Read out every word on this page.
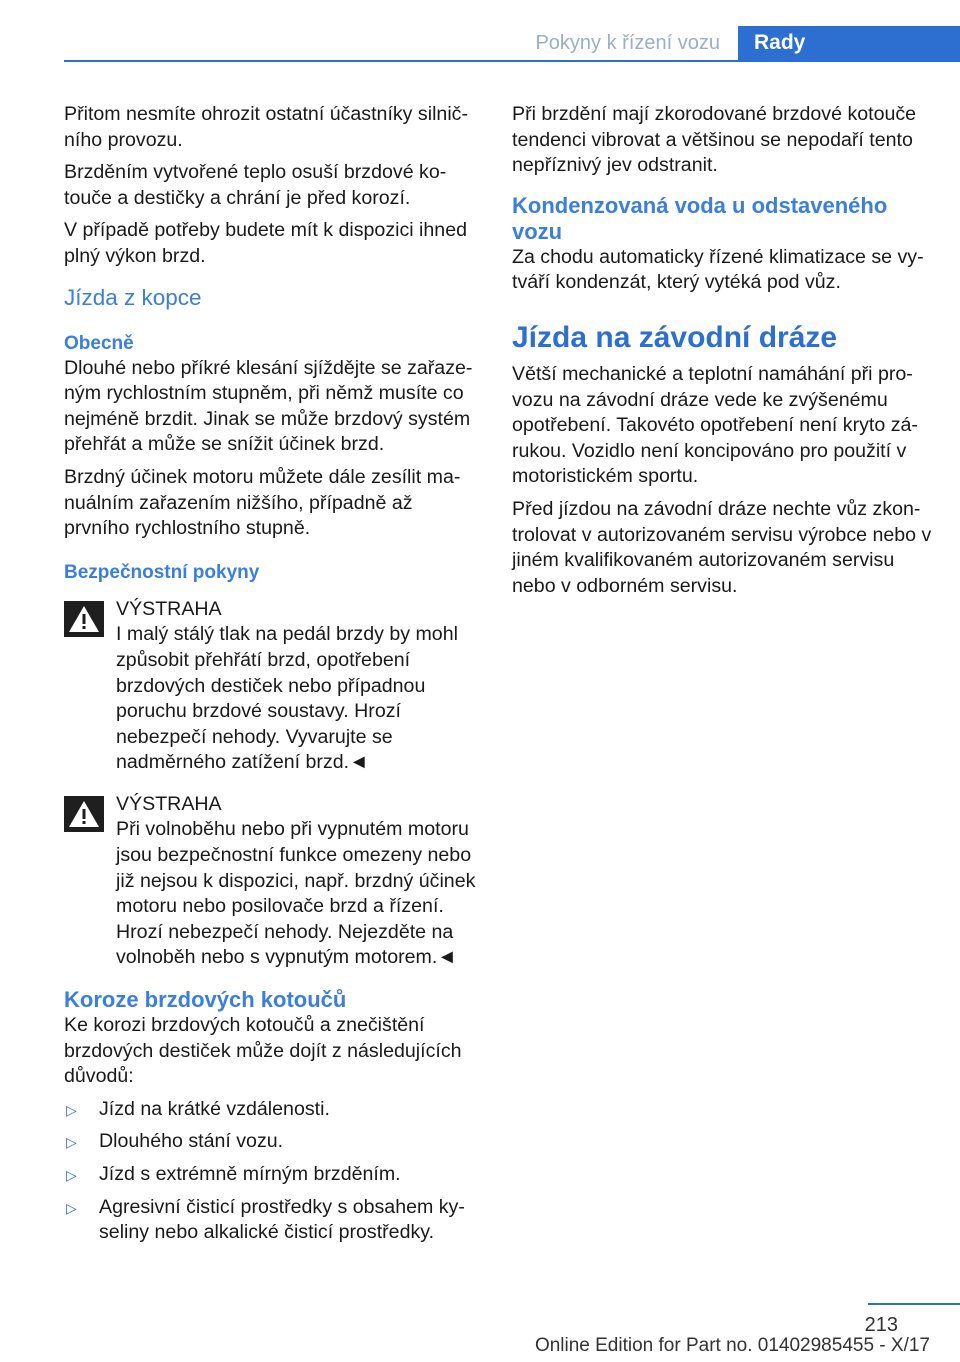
Pokyny k řízení vozu	Rady

Přitom nesmíte ohrozit ostatní účastníky silničního provozu.

Brzděním vytvořené teplo osuší brzdové kotouče a destičky a chrání je před korozí.

V případě potřeby budete mít k dispozici ihned plný výkon brzd.

Jízda z kopce
Obecně

Dlouhé nebo příkré klesání sjíždějte se zařazeným rychlostním stupněm, při němž musíte co nejméně brzdit. Jinak se může brzdový systém přehřát a může se snížit účinek brzd.

Brzdný účinek motoru můžete dále zesílit manuálním zařazením nižšího, případně až prvního rychlostního stupně.

Bezpečnostní pokyny
VÝSTRAHA
I malý stálý tlak na pedál brzdy by mohl způsobit přehřátí brzd, opotřebení brzdových destiček nebo případnou poruchu brzdové soustavy. Hrozí nebezpečí nehody. Vyvarujte se nadměrného zatížení brzd.◄
VÝSTRAHA
Při volnoběhu nebo při vypnutém motoru jsou bezpečnostní funkce omezeny nebo již nejsou k dispozici, např. brzdný účinek motoru nebo posilovače brzd a řízení. Hrozí nebezpečí nehody. Nejezděte na volnoběh nebo s vypnutým motorem.◄
Koroze brzdových kotoučů

Ke korozi brzdových kotoučů a znečištění brzdových destiček může dojít z následujících důvodů:

▷ Jízd na krátké vzdálenosti.
▷ Dlouhého stání vozu.
▷ Jízd s extrémně mírným brzděním.
▷ Agresivní čisticí prostředky s obsahem kyseliny nebo alkalické čisticí prostředky.

Při brzdění mají zkorodované brzdové kotouče tendenci vibrovat a většinou se nepodaří tento nepříznivý jev odstranit.

Kondenzovaná voda u odstaveného vozu

Za chodu automaticky řízené klimatizace se vytváří kondenzát, který vytéká pod vůz.

Jízda na závodní dráze

Větší mechanické a teplotní namáhání při provozu na závodní dráze vede ke zvýšenému opotřebení. Takovéto opotřebení není kryto zárukou. Vozidlo není koncipováno pro použití v motoristickém sportu.

Před jízdou na závodní dráze nechte vůz zkontrolovat v autorizovaném servisu výrobce nebo v jiném kvalifikovaném autorizovaném servisu nebo v odborném servisu.

213
Online Edition for Part no. 01402985455 - X/17
